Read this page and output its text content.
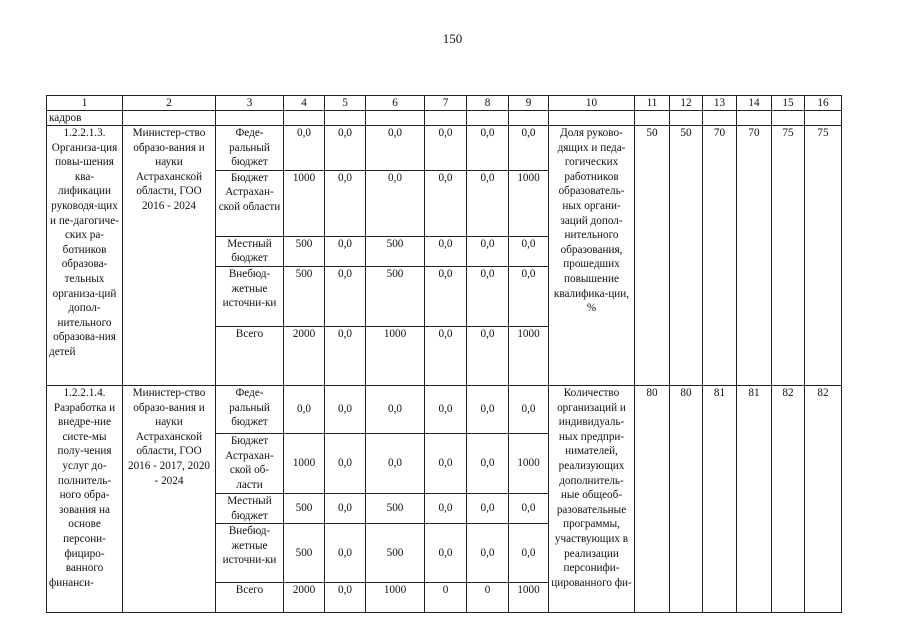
150
1	2	3	4	5	6	7	8	9	10	11	12	13	14	15	16
кадров															
1.2.2.1.3. Организа-ция повы-шения ква-лификации руководя-щих и пе-дагогиче-ских ра-ботников образова-тельных организа-ций допол-нительного образова-ния детей	Министер-ство образо-вания и науки Астраханской области, ГОО 2016 - 2024	Феде-ральный бюджет	0,0	0,0	0,0	0,0	0,0	0,0	Доля руково-дящих и педа-гогических работников образователь-ных органи-заций допол-нительного образования, прошедших повышение квалифика-ции, %	50	50	70	70	75	75
		Бюджет Астрахан-ской области	1000	0,0	0,0	0,0	0,0	1000							
		Местный бюджет	500	0,0	500	0,0	0,0	0,0							
		Внебюд-жетные источни-ки	500	0,0	500	0,0	0,0	0,0							
		Всего	2000	0,0	1000	0,0	0,0	1000							
1.2.2.1.4. Разработка и внедре-ние систе-мы полу-чения услуг до-полнитель-ного обра-зования на основе персони-фициро-ванного финанси-	Министер-ство образо-вания и науки Астраханской области, ГОО 2016 - 2017, 2020 - 2024	Феде-ральный бюджет	0,0	0,0	0,0	0,0	0,0	0,0	Количество организаций и индивидуаль-ных предпри-нимателей, реализующих дополнитель-ные общеоб-разовательные программы, участвующих в реализации персонифи-цированного фи-	80	80	81	81	82	82
		Бюджет Астрахан-ской об-ласти	1000	0,0	0,0	0,0	0,0	1000							
		Местный бюджет	500	0,0	500	0,0	0,0	0,0							
		Внебюд-жетные источни-ки	500	0,0	500	0,0	0,0	0,0							
		Всего	2000	0,0	1000	0	0	1000							
